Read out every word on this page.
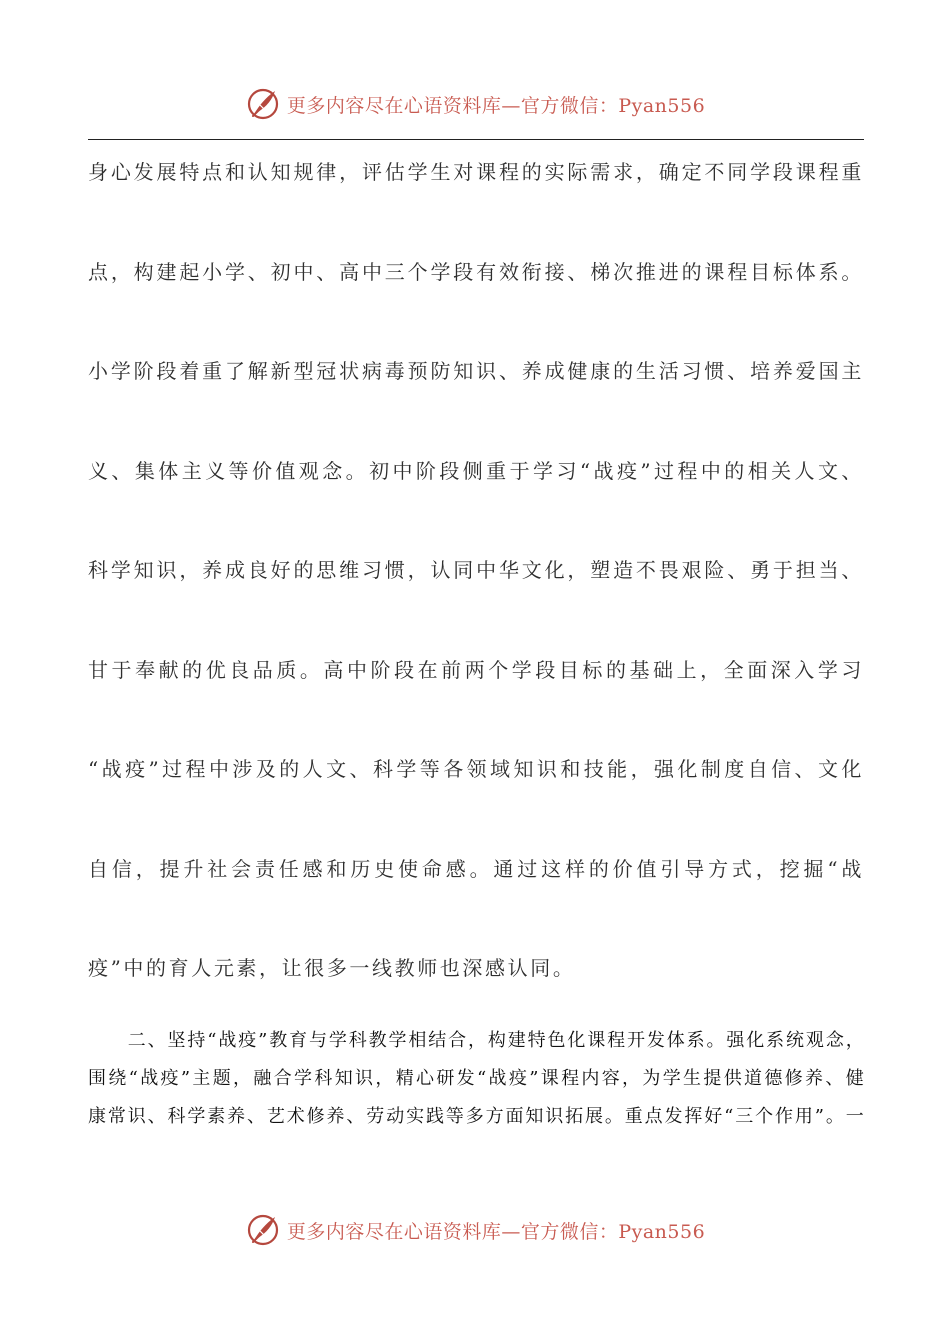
更多内容尽在心语资料库—官方微信：Pyan556
身心发展特点和认知规律，评估学生对课程的实际需求，确定不同学段课程重
点，构建起小学、初中、高中三个学段有效衔接、梯次推进的课程目标体系。
小学阶段着重了解新型冠状病毒预防知识、养成健康的生活习惯、培养爱国主
义、集体主义等价值观念。初中阶段侧重于学习“战疫”过程中的相关人文、
科学知识，养成良好的思维习惯，认同中华文化，塑造不畏艰险、勇于担当、
甘于奉献的优良品质。高中阶段在前两个学段目标的基础上，全面深入学习
“战疫”过程中涉及的人文、科学等各领域知识和技能，强化制度自信、文化
自信，提升社会责任感和历史使命感。通过这样的价值引导方式，挖掘“战
疫”中的育人元素，让很多一线教师也深感认同。
　　二、坚持“战疫”教育与学科教学相结合，构建特色化课程开发体系。强化系统观念，
围绕“战疫”主题，融合学科知识，精心研发“战疫”课程内容，为学生提供道德修养、健
康常识、科学素养、艺术修养、劳动实践等多方面知识拓展。重点发挥好“三个作用”。一
更多内容尽在心语资料库—官方微信：Pyan556
